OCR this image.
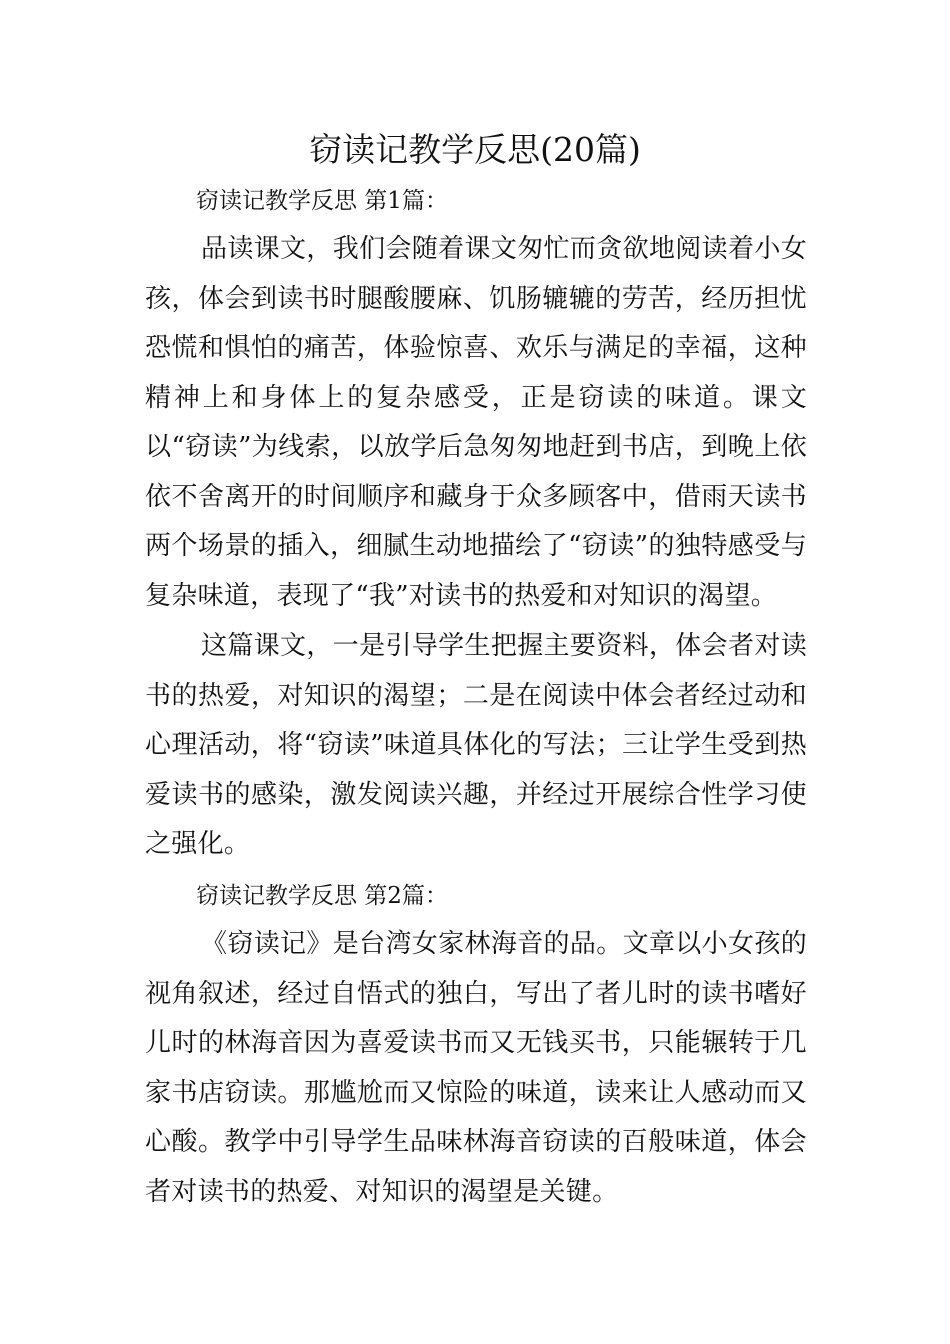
窃读记教学反思(20篇)

窃读记教学反思 第1篇：

品读课文，我们会随着课文匆忙而贪欲地阅读着小女孩，体会到读书时腿酸腰麻、饥肠辘辘的劳苦，经历担忧恐慌和惧怕的痛苦，体验惊喜、欢乐与满足的幸福，这种精神上和身体上的复杂感受，正是窃读的味道。课文以“窃读”为线索，以放学后急匆匆地赶到书店，到晚上依依不舍离开的时间顺序和藏身于众多顾客中，借雨天读书两个场景的插入，细腻生动地描绘了“窃读”的独特感受与复杂味道，表现了“我”对读书的热爱和对知识的渴望。

这篇课文，一是引导学生把握主要资料，体会者对读书的热爱，对知识的渴望；二是在阅读中体会者经过动和心理活动，将“窃读”味道具体化的写法；三让学生受到热爱读书的感染，激发阅读兴趣，并经过开展综合性学习使之强化。

窃读记教学反思 第2篇：

《窃读记》是台湾女家林海音的品。文章以小女孩的视角叙述，经过自悟式的独白，写出了者儿时的读书嗜好儿时的林海音因为喜爱读书而又无钱买书，只能辗转于几家书店窃读。那尴尬而又惊险的味道，读来让人感动而又心酸。教学中引导学生品味林海音窃读的百般味道，体会者对读书的热爱、对知识的渴望是关键。
